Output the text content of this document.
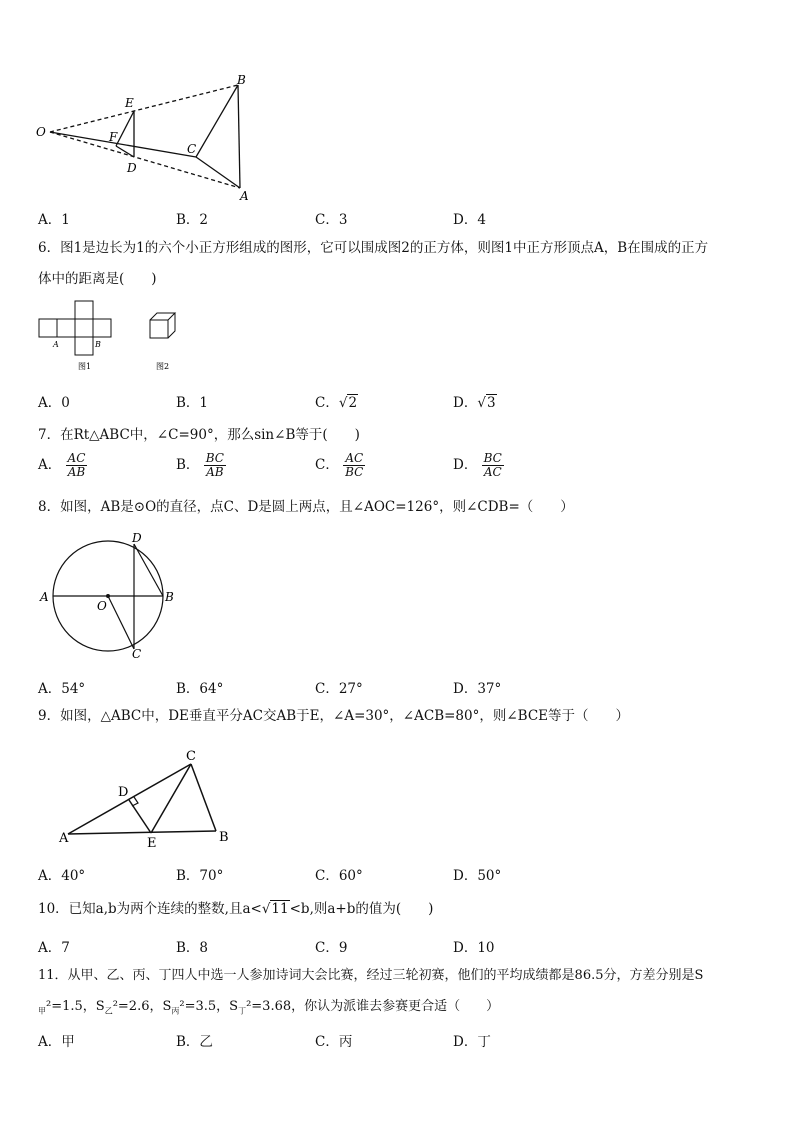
O
E
F
D
C
B
A
A．1	B．2	C．3	D．4
6．图1是边长为1的六个小正方形组成的图形，它可以围成图2的正方体，则图1中正方形顶点A，B在围成的正方
体中的距离是(　　)
A	B
图1	图2
A．0	B．1	C．√2	D．√3
7．在Rt△ABC中，∠C=90°，那么sin∠B等于(　　)
A． $\frac{AC}{AB}$	B． $\frac{BC}{AB}$	C． $\frac{AC}{BC}$	D． $\frac{BC}{AC}$
8．如图，AB是⊙O的直径，点C、D是圆上两点，且∠AOC=126°，则∠CDB=（　　）
A
O
B
D
C
A．54°	B．64°	C．27°	D．37°
9．如图，△ABC中，DE垂直平分AC交AB于E，∠A=30°，∠ACB=80°，则∠BCE等于（　　）
A	E	B
D
C
A．40°	B．70°	C．60°	D．50°
10．已知a,b为两个连续的整数,且a<√11<b,则a+b的值为(　　)
A．7	B．8	C．9	D．10
11．从甲、乙、丙、丁四人中选一人参加诗词大会比赛，经过三轮初赛，他们的平均成绩都是86.5分，方差分别是S
$_甲$²=1.5，$S_乙^2=2.6$，$S_丙^2=3.5$，$S_丁^2=3.68$，你认为派谁去参赛更合适（　　）
A．甲	B．乙	C．丙	D．丁
